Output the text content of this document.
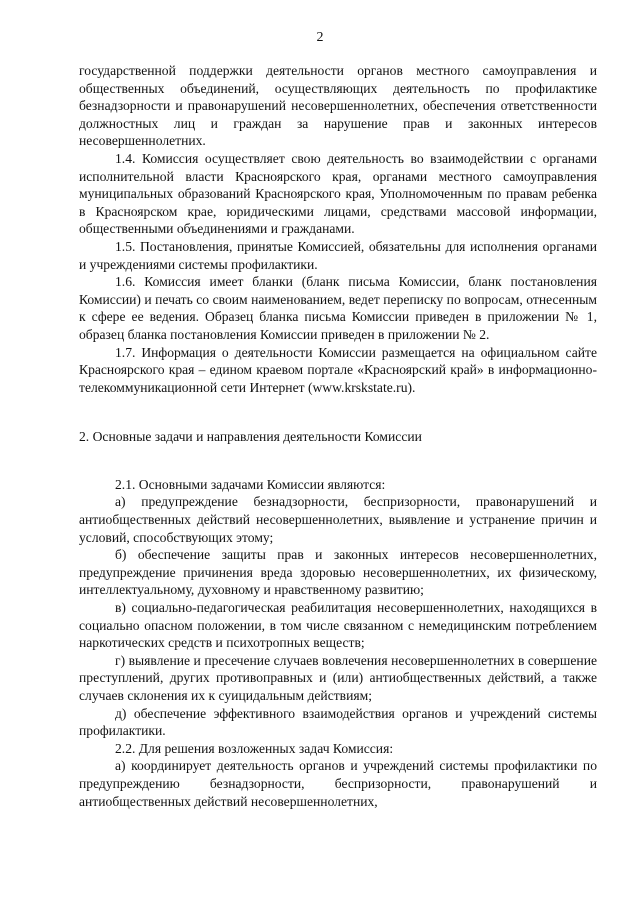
2

государственной поддержки деятельности органов местного самоуправления и общественных объединений, осуществляющих деятельность по профилактике безнадзорности и правонарушений несовершеннолетних, обеспечения ответственности должностных лиц и граждан за нарушение прав и законных интересов несовершеннолетних.

1.4. Комиссия осуществляет свою деятельность во взаимодействии с органами исполнительной власти Красноярского края, органами местного самоуправления муниципальных образований Красноярского края, Уполномоченным по правам ребенка в Красноярском крае, юридическими лицами, средствами массовой информации, общественными объединениями и гражданами.

1.5. Постановления, принятые Комиссией, обязательны для исполнения органами и учреждениями системы профилактики.

1.6. Комиссия имеет бланки (бланк письма Комиссии, бланк постановления Комиссии) и печать со своим наименованием, ведет переписку по вопросам, отнесенным к сфере ее ведения. Образец бланка письма Комиссии приведен в приложении № 1, образец бланка постановления Комиссии приведен в приложении № 2.

1.7. Информация о деятельности Комиссии размещается на официальном сайте Красноярского края – едином краевом портале «Красноярский край» в информационно-телекоммуникационной сети Интернет (www.krskstate.ru).

2. Основные задачи и направления деятельности Комиссии

2.1. Основными задачами Комиссии являются:

а) предупреждение безнадзорности, беспризорности, правонарушений и антиобщественных действий несовершеннолетних, выявление и устранение причин и условий, способствующих этому;

б) обеспечение защиты прав и законных интересов несовершеннолетних, предупреждение причинения вреда здоровью несовершеннолетних, их физическому, интеллектуальному, духовному и нравственному развитию;

в) социально-педагогическая реабилитация несовершеннолетних, находящихся в социально опасном положении, в том числе связанном с немедицинским потреблением наркотических средств и психотропных веществ;

г) выявление и пресечение случаев вовлечения несовершеннолетних в совершение преступлений, других противоправных и (или) антиобщественных действий, а также случаев склонения их к суицидальным действиям;

д) обеспечение эффективного взаимодействия органов и учреждений системы профилактики.

2.2. Для решения возложенных задач Комиссия:

а) координирует деятельность органов и учреждений системы профилактики по предупреждению безнадзорности, беспризорности, правонарушений и антиобщественных действий несовершеннолетних,
